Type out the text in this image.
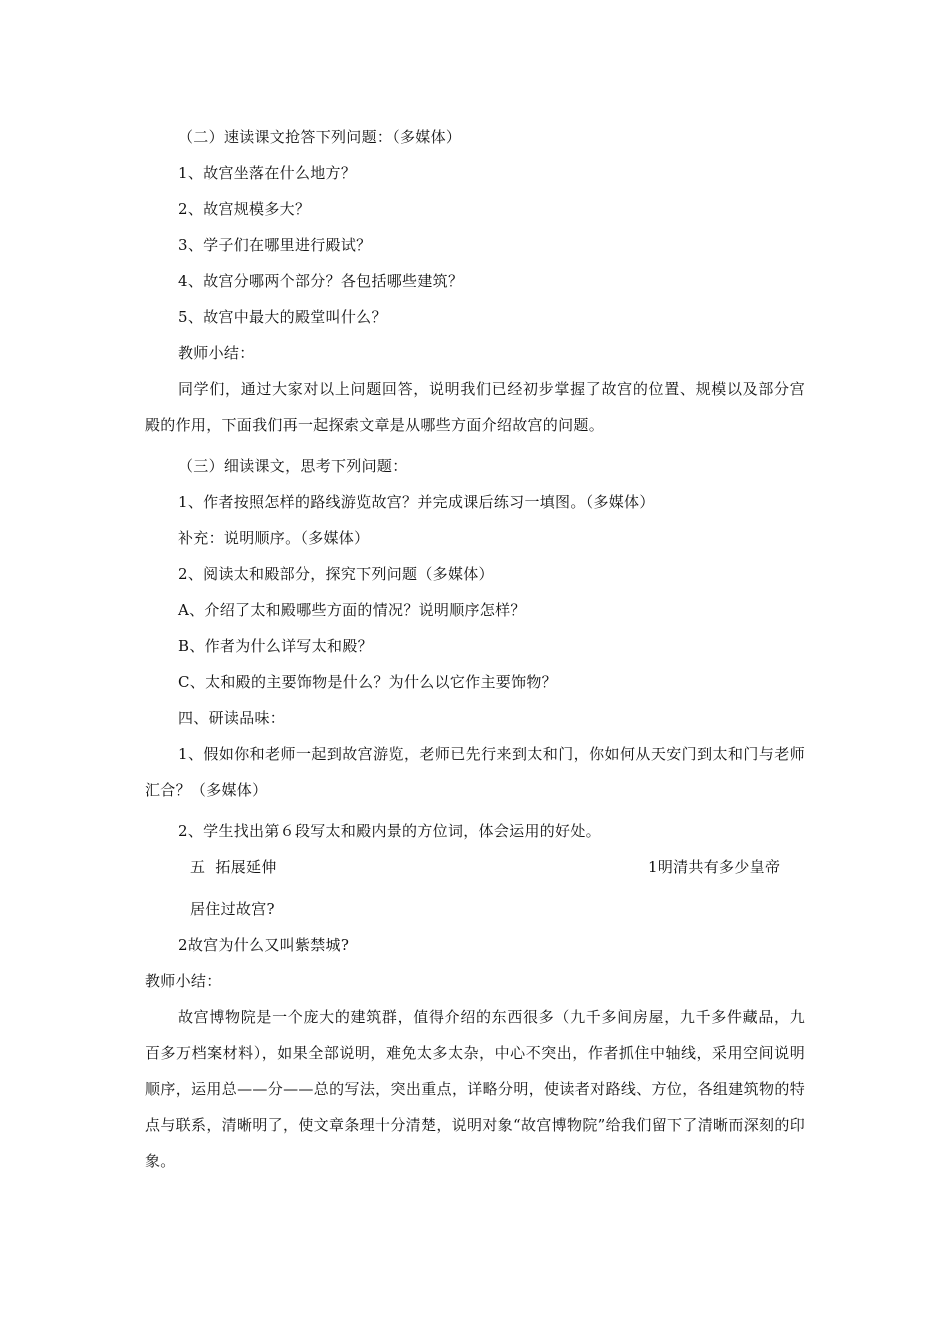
（二）速读课文抢答下列问题：（多媒体）
1、故宫坐落在什么地方？
2、故宫规模多大？
3、学子们在哪里进行殿试？
4、故宫分哪两个部分？各包括哪些建筑？
5、故宫中最大的殿堂叫什么？
教师小结：
同学们，通过大家对以上问题回答，说明我们已经初步掌握了故宫的位置、规模以及部分宫殿的作用，下面我们再一起探索文章是从哪些方面介绍故宫的问题。
（三）细读课文，思考下列问题：
1、作者按照怎样的路线游览故宫？并完成课后练习一填图。（多媒体）
补充：说明顺序。（多媒体）
2、阅读太和殿部分，探究下列问题（多媒体）
A、介绍了太和殿哪些方面的情况？说明顺序怎样？
B、作者为什么详写太和殿？
C、太和殿的主要饰物是什么？为什么以它作主要饰物？
四、研读品味：
1、假如你和老师一起到故宫游览，老师已先行来到太和门，你如何从天安门到太和门与老师汇合？（多媒体）
2、学生找出第６段写太和殿内景的方位词，体会运用的好处。
五  拓展延伸	1明清共有多少皇帝
居住过故宫?
2故宫为什么又叫紫禁城?
教师小结：
故宫博物院是一个庞大的建筑群，值得介绍的东西很多（九千多间房屋，九千多件藏品，九百多万档案材料），如果全部说明，难免太多太杂，中心不突出，作者抓住中轴线，采用空间说明顺序，运用总——分——总的写法，突出重点，详略分明，使读者对路线、方位，各组建筑物的特点与联系，清晰明了，使文章条理十分清楚，说明对象“故宫博物院”给我们留下了清晰而深刻的印象。
